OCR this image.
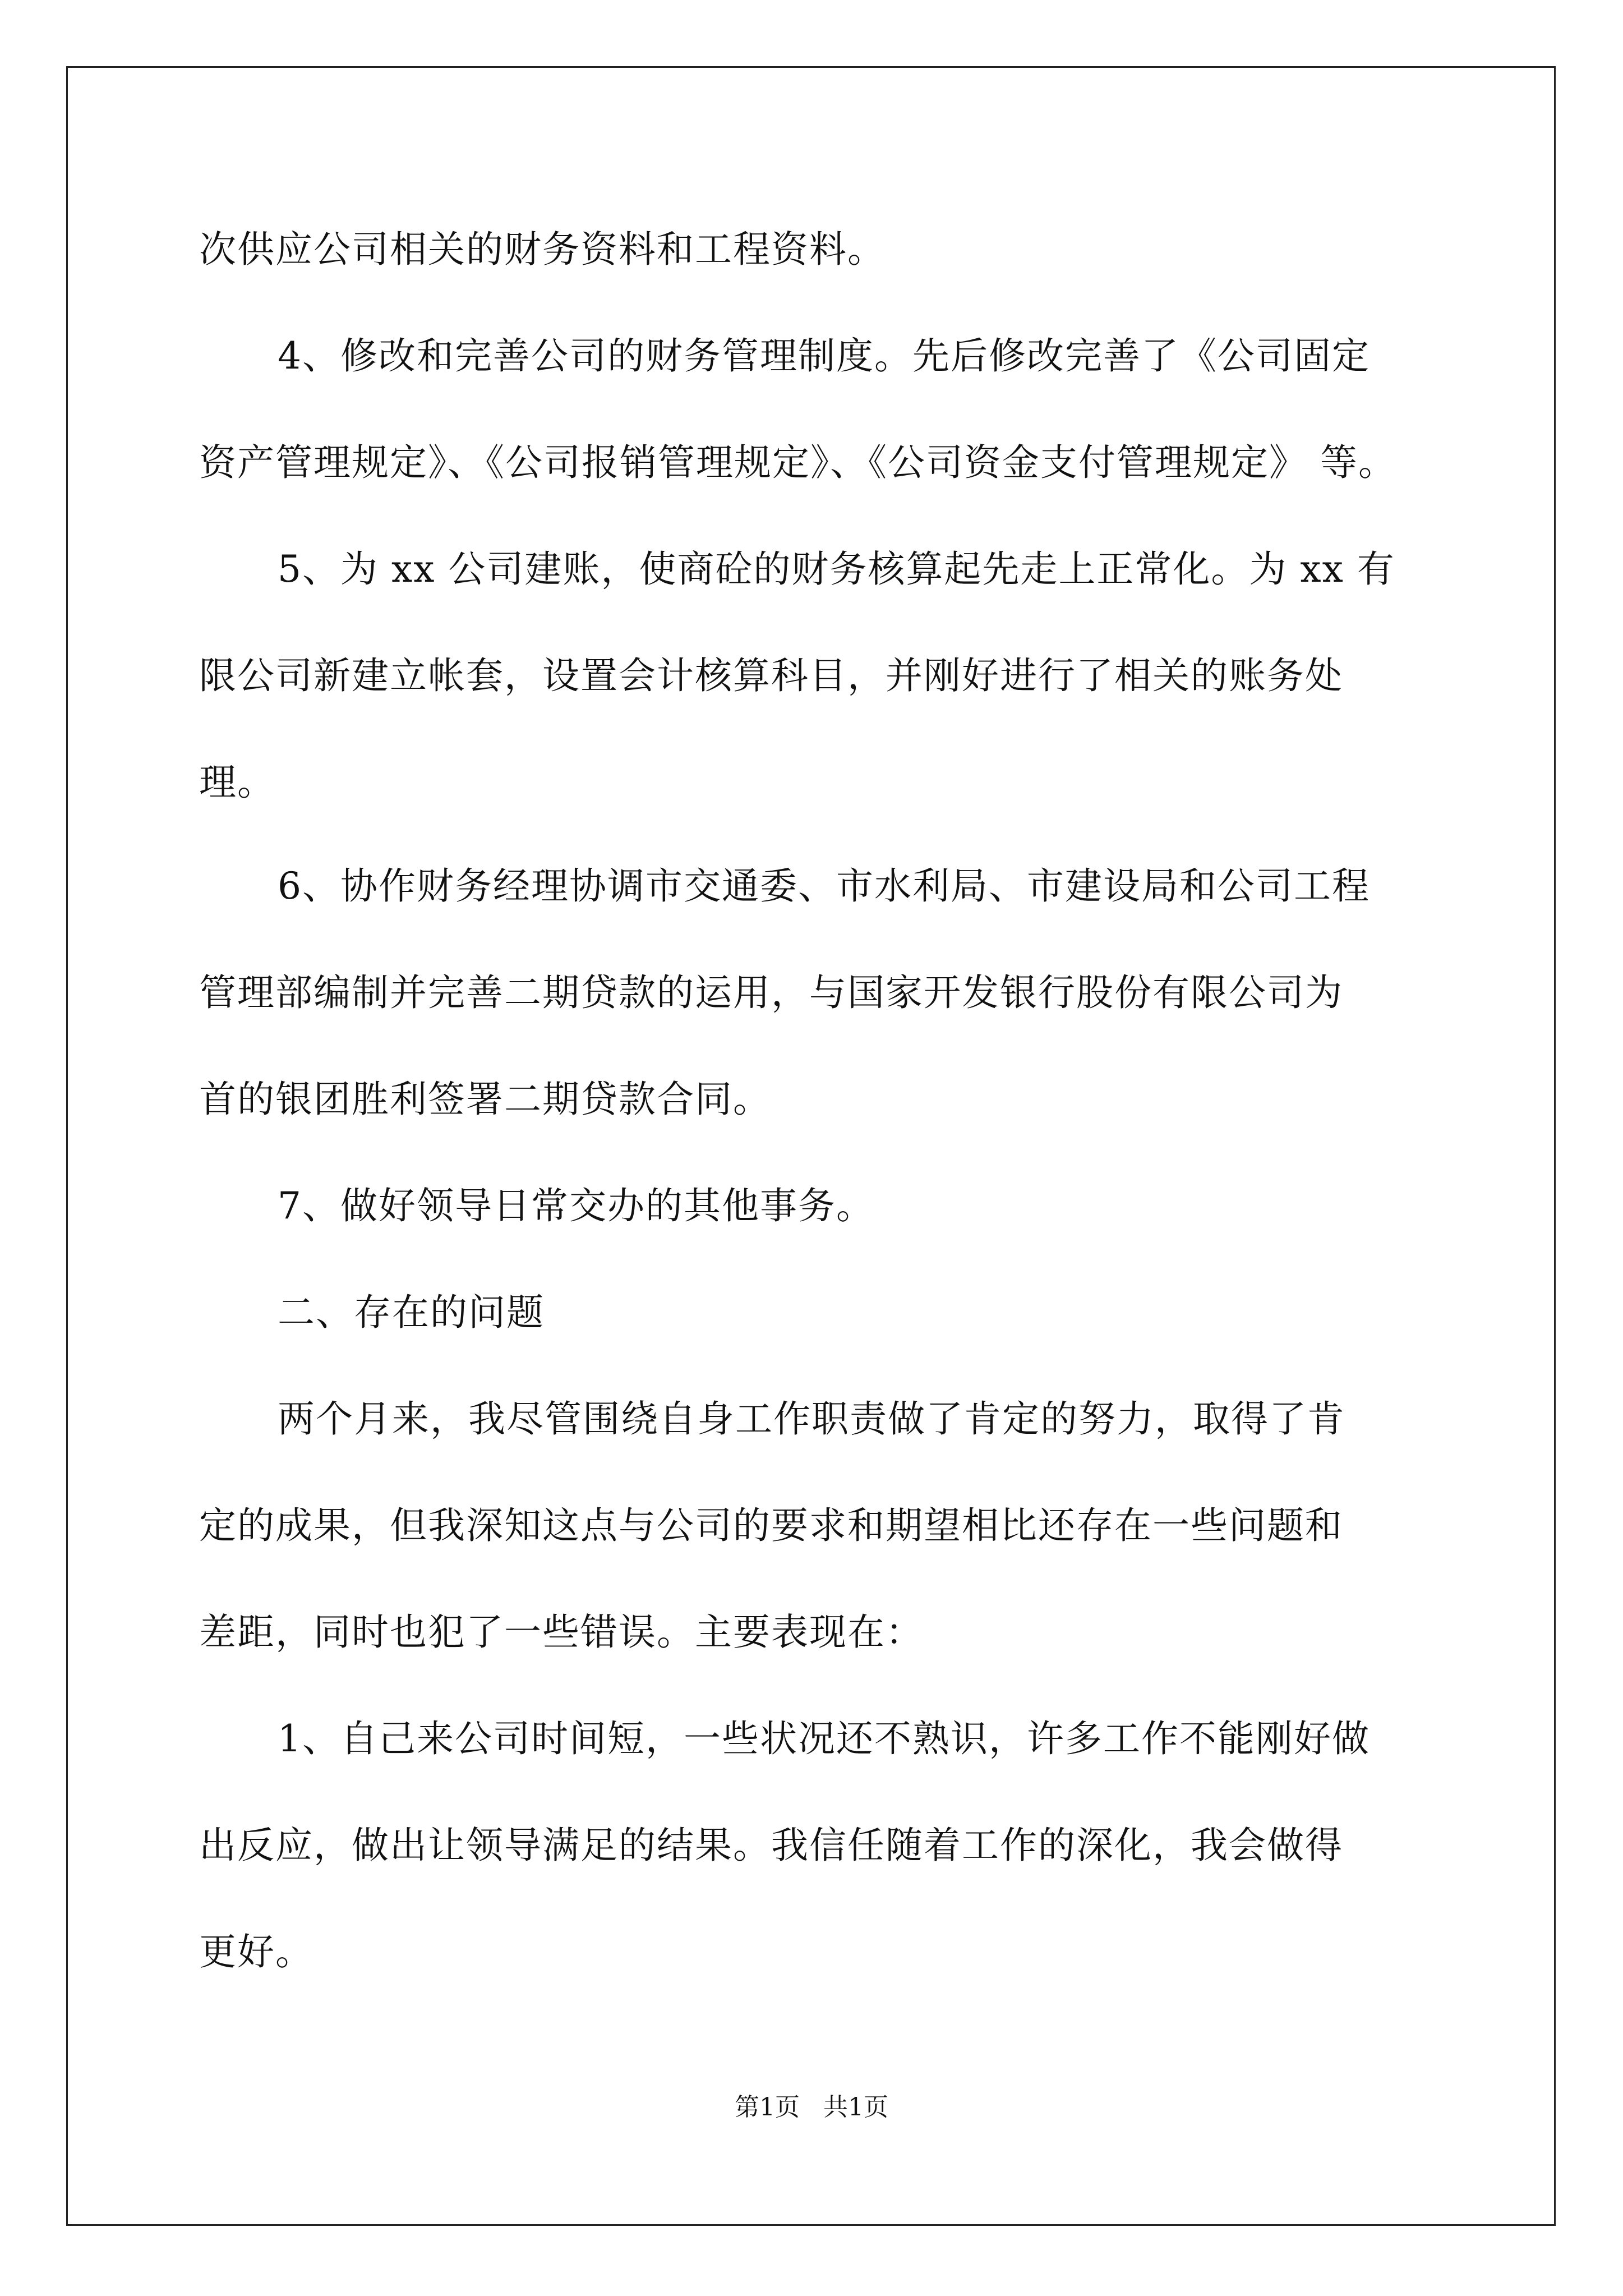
次供应公司相关的财务资料和工程资料。
4、修改和完善公司的财务管理制度。先后修改完善了《公司固定
资产管理规定》、《公司报销管理规定》、《公司资金支付管理规定》 等。
5、为 xx 公司建账，使商砼的财务核算起先走上正常化。为 xx 有
限公司新建立帐套，设置会计核算科目，并刚好进行了相关的账务处
理。
6、协作财务经理协调市交通委、市水利局、市建设局和公司工程
管理部编制并完善二期贷款的运用，与国家开发银行股份有限公司为
首的银团胜利签署二期贷款合同。
7、做好领导日常交办的其他事务。
二、存在的问题
两个月来，我尽管围绕自身工作职责做了肯定的努力，取得了肯
定的成果，但我深知这点与公司的要求和期望相比还存在一些问题和
差距，同时也犯了一些错误。主要表现在：
1、自己来公司时间短，一些状况还不熟识，许多工作不能刚好做
出反应，做出让领导满足的结果。我信任随着工作的深化，我会做得
更好。
第1页   共1页
